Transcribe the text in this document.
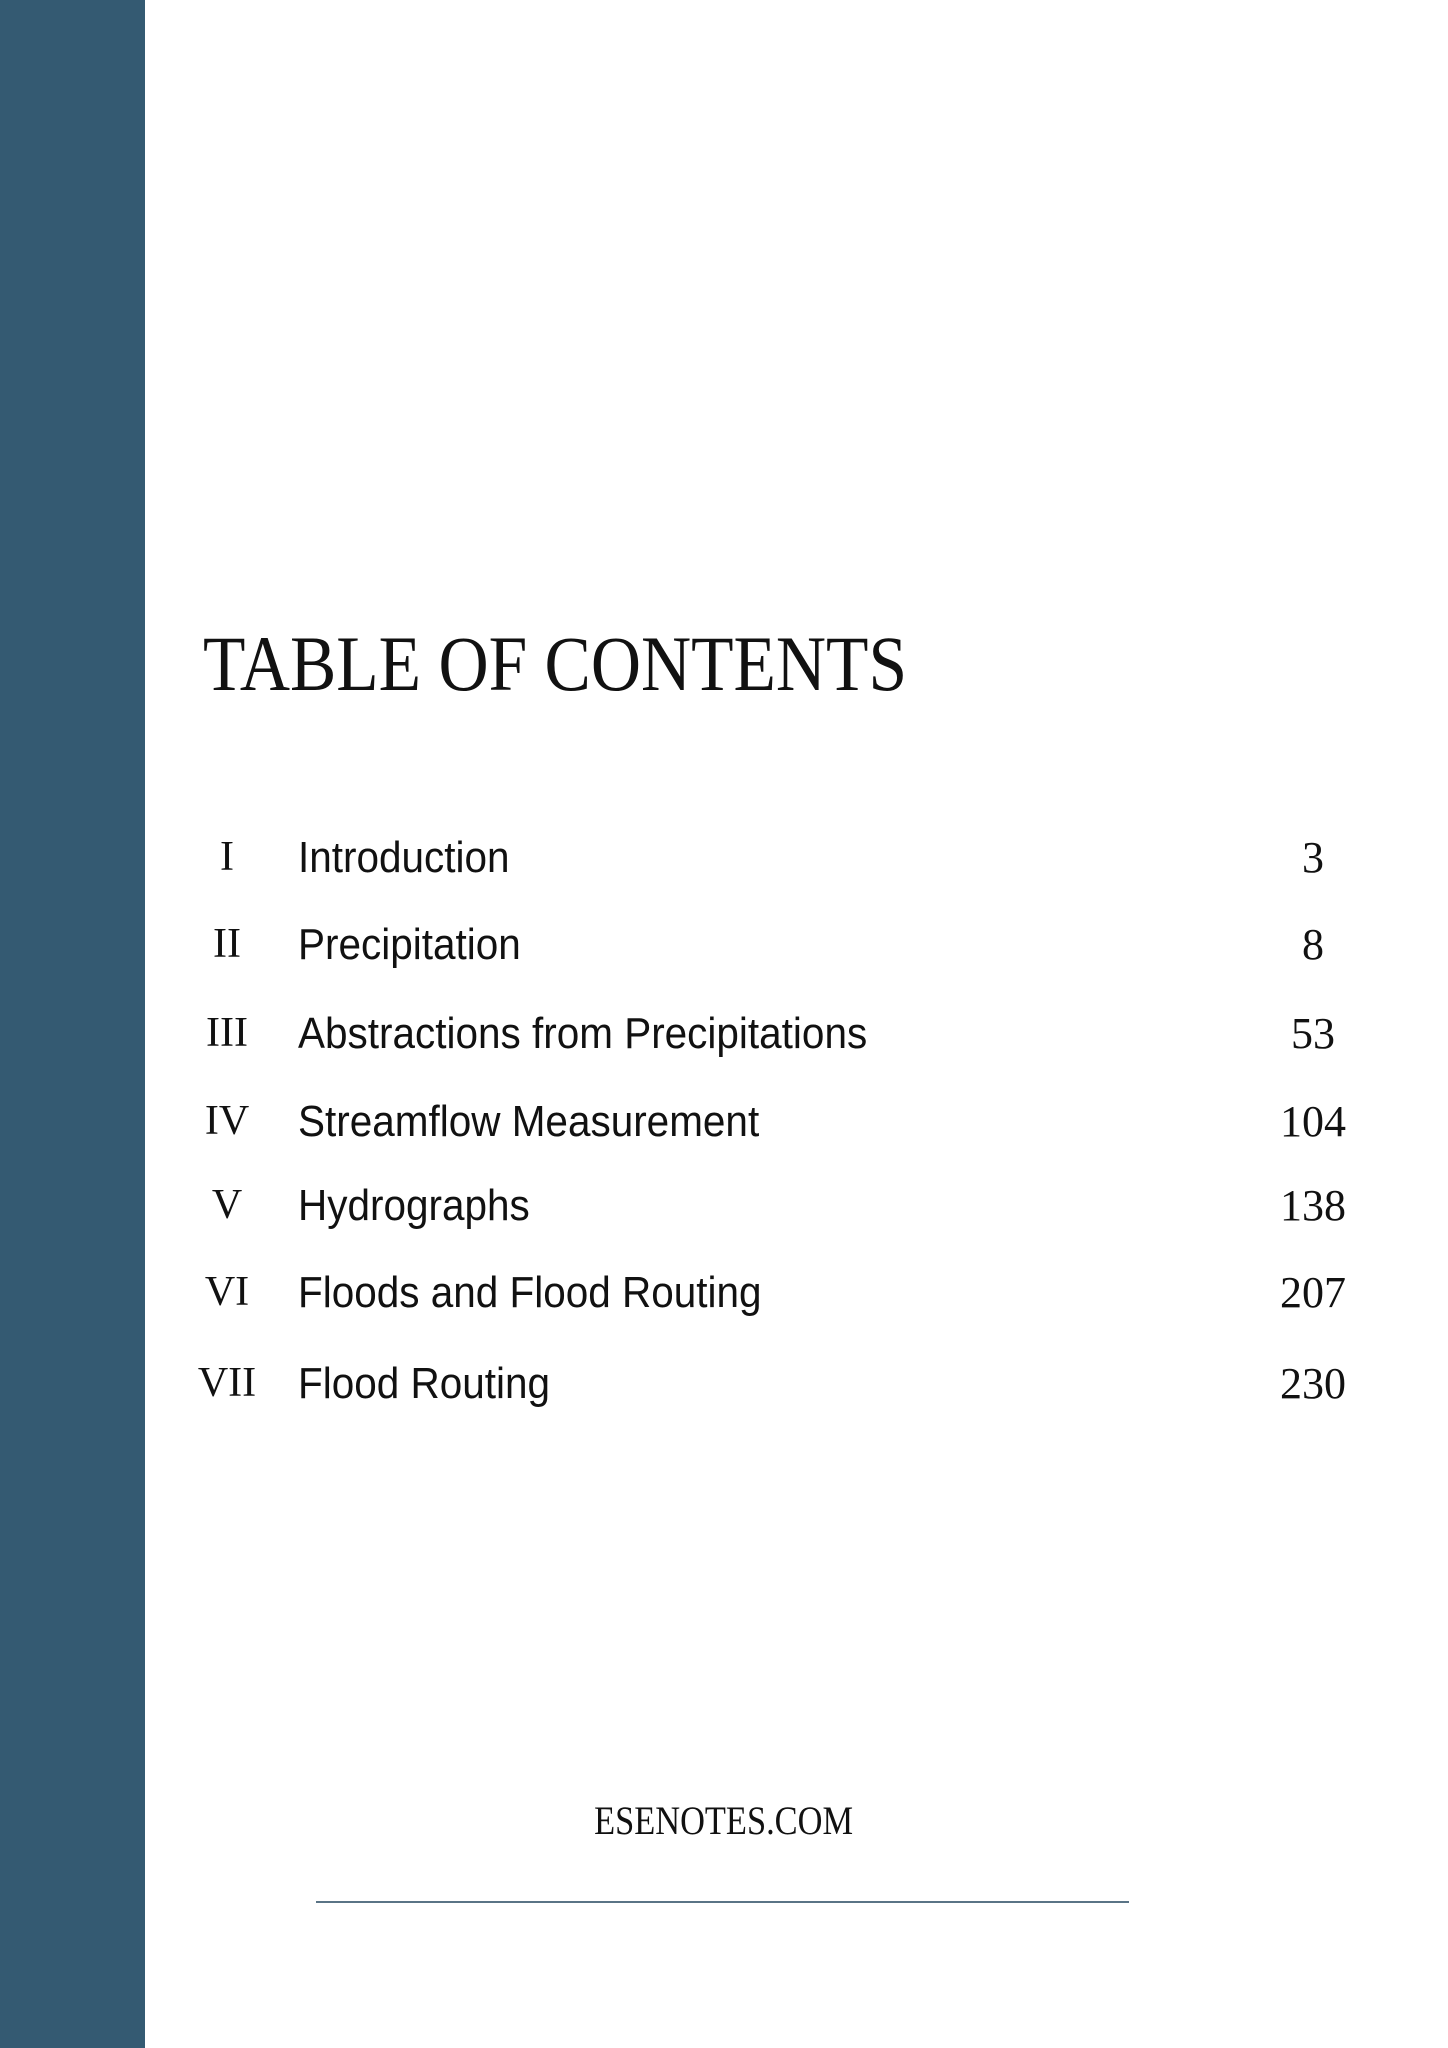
TABLE OF CONTENTS
I	Introduction	3
II	Precipitation	8
III	Abstractions from Precipitations	53
IV	Streamflow Measurement	104
V	Hydrographs	138
VI	Floods and Flood Routing	207
VII Flood Routing	230
ESENOTES.COM
